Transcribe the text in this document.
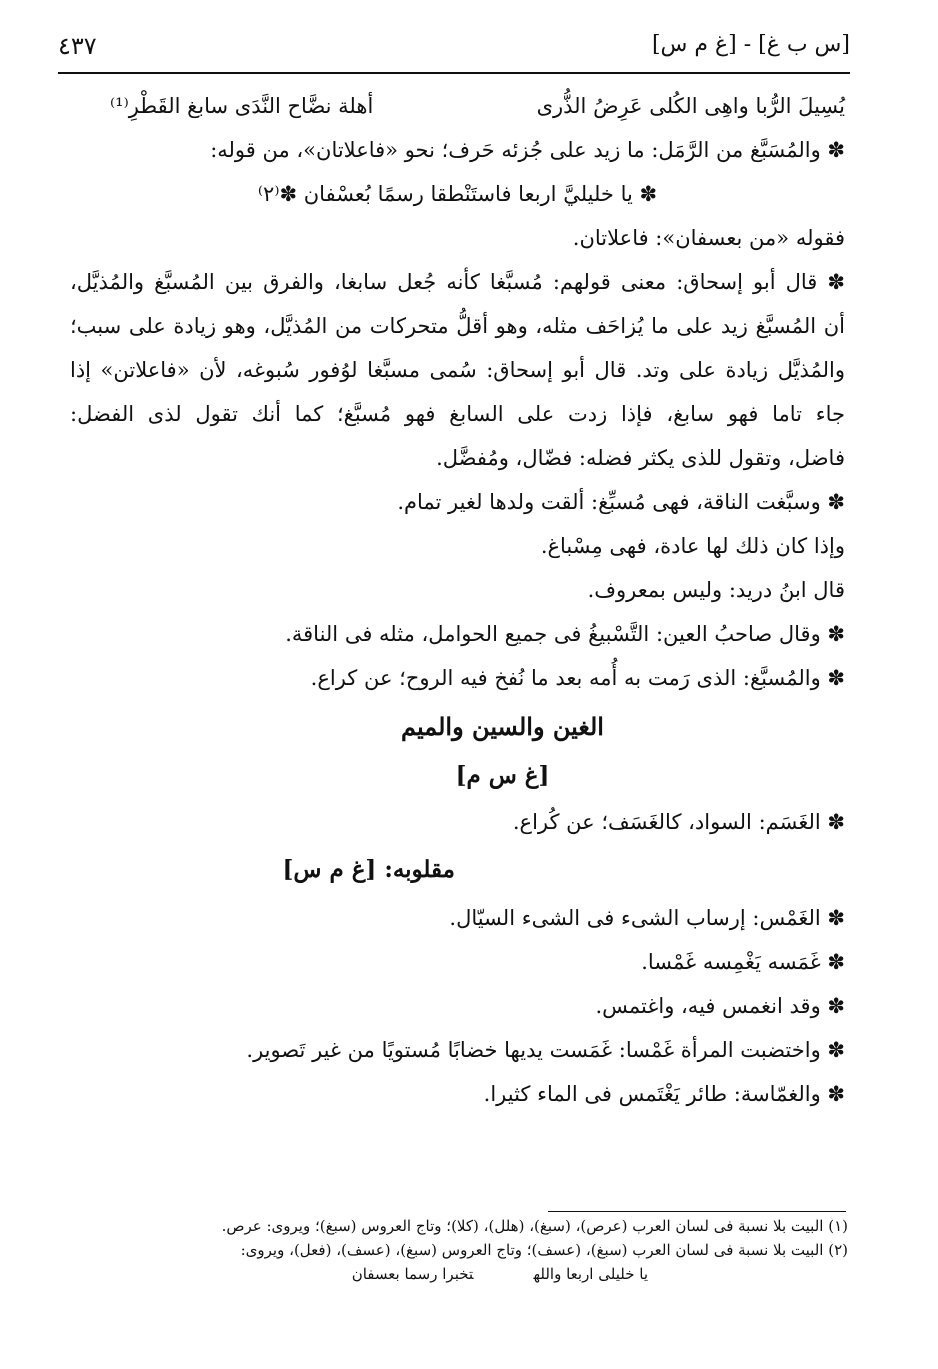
[س ب غ] - [غ م س]
٤٣٧
يُسِيلَ الرُّبا واهِى الكُلى عَرِضُ الذُّرى
أهلة نضَّاح النَّدَى سابغ القَطْرِ⁽¹⁾
✽ والمُسَبَّغ من الرَّمَل: ما زيد على جُزئه حَرف؛ نحو «فاعلاتان»، من قوله:
✽ يا خليليَّ اربعا فاستَنْطقا رسمًا بُعسْفان ✽⁽٢⁾
فقوله «من بعسفان»: فاعلاتان.
✽ قال أبو إسحاق: معنى قولهم: مُسبَّغا كأنه جُعل سابغا، والفرق بين المُسبَّغ والمُذيَّل،
أن المُسبَّغ زيد على ما يُزاحَف مثله، وهو أقلُّ متحركات من المُذيَّل، وهو زيادة على سبب؛
والمُذيَّل زيادة على وتد. قال أبو إسحاق: سُمى مسبَّغا لوُفور سُبوغه، لأن «فاعلاتن» إذا
جاء تاما فهو سابغ، فإذا زدت على السابغ فهو مُسبَّغ؛ كما أنك تقول لذى الفضل:
فاضل، وتقول للذى يكثر فضله: فضّال، ومُفضَّل.
✽ وسبَّغت الناقة، فهى مُسبِّغ: ألقت ولدها لغير تمام.
وإذا كان ذلك لها عادة، فهى مِسْباغ.
قال ابنُ دريد: وليس بمعروف.
✽ وقال صاحبُ العين: التَّسْبيغُ فى جميع الحوامل، مثله فى الناقة.
✽ والمُسبَّغ: الذى رَمت به أُمه بعد ما نُفخ فيه الروح؛ عن كراع.
الغين والسين والميم
[غ س م]
✽ الغَسَم: السواد، كالغَسَف؛ عن كُراع.
مقلوبه: [غ م س]
✽ الغَمْس: إرساب الشىء فى الشىء السيّال.
✽ غَمَسه يَغْمِسه غَمْسا.
✽ وقد انغمس فيه، واغتمس.
✽ واختضبت المرأة غَمْسا: غَمَست يديها خضابًا مُستويًا من غير تَصوير.
✽ والغمّاسة: طائر يَغْتَمس فى الماء كثيرا.
(١) البيت بلا نسبة فى لسان العرب (عرص)، (سبغ)، (هلل)، (كلا)؛ وتاج العروس (سبغ)؛ ويروى: عرص.
(٢) البيت بلا نسبة فى لسان العرب (سبغ)، (عسف)؛ وتاج العروس (سبغ)، (عسف)، (فعل)، ويروى:
يا خليلى اربعا واللهتخبرا رسما بعسفان
